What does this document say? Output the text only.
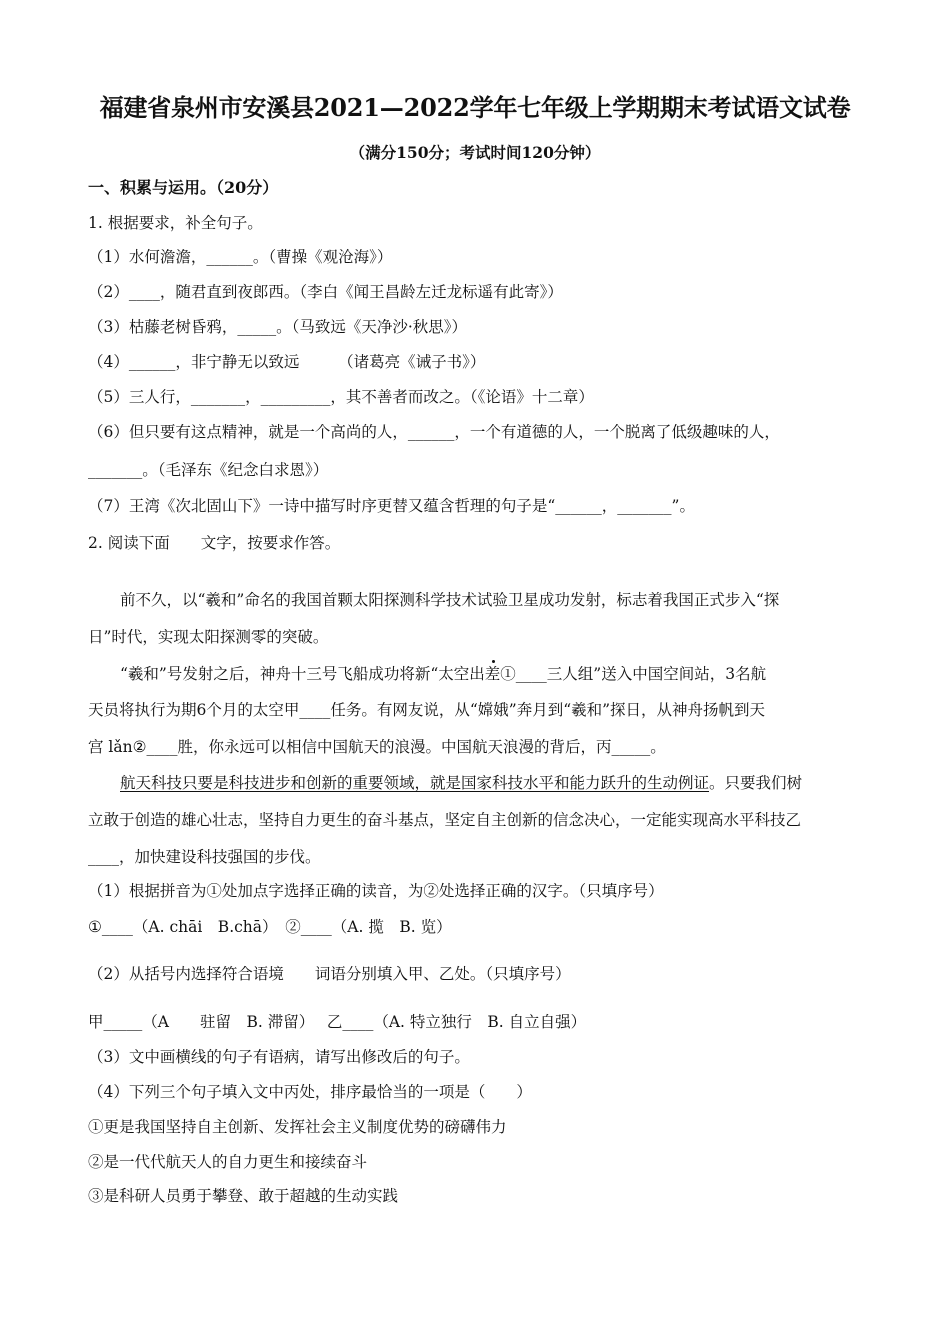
福建省泉州市安溪县2021—2022学年七年级上学期期末考试语文试卷
（满分150分；考试时间120分钟）
一、积累与运用。（20分）
1. 根据要求，补全句子。
（1）水何澹澹，______。（曹操《观沧海》）
（2）____，随君直到夜郎西。（李白《闻王昌龄左迁龙标遥有此寄》）
（3）枯藤老树昏鸦，_____。（马致远《天净沙·秋思》）
（4）______，非宁静无以致远　　　（诸葛亮《诫子书》）
（5）三人行，_______，_________，其不善者而改之。（《论语》十二章）
（6）但只要有这点精神，就是一个高尚的人，______，一个有道德的人，一个脱离了低级趣味的人，
_______。（毛泽东《纪念白求恩》）
（7）王湾《次北固山下》一诗中描写时序更替又蕴含哲理的句子是“______，_______”。
2. 阅读下面　　文字，按要求作答。
前不久，以“羲和”命名的我国首颗太阳探测科学技术试验卫星成功发射，标志着我国正式步入“探
日”时代，实现太阳探测零的突破。
“羲和”号发射之后，神舟十三号飞船成功将新“太空出差①____三人组”送入中国空间站，3名航
天员将执行为期6个月的太空甲____任务。有网友说，从“嫦娥”奔月到“羲和”探日，从神舟扬帆到天
宫 lǎn②____胜，你永远可以相信中国航天的浪漫。中国航天浪漫的背后，丙_____。
航天科技只要是科技进步和创新的重要领域，就是国家科技水平和能力跃升的生动例证。只要我们树
立敢于创造的雄心壮志，坚持自力更生的奋斗基点，坚定自主创新的信念决心，一定能实现高水平科技乙
____，加快建设科技强国的步伐。
（1）根据拼音为①处加点字选择正确的读音，为②处选择正确的汉字。（只填序号）
①____（A. chāi　B.chā）　②____（A. 揽　B. 览）
（2）从括号内选择符合语境　　词语分别填入甲、乙处。（只填序号）
甲_____（A　　驻留　B. 滞留）　 乙____（A. 特立独行　B. 自立自强）
（3）文中画横线的句子有语病，请写出修改后的句子。
（4）下列三个句子填入文中丙处，排序最恰当的一项是（　　）
①更是我国坚持自主创新、发挥社会主义制度优势的磅礴伟力
②是一代代航天人的自力更生和接续奋斗
③是科研人员勇于攀登、敢于超越的生动实践
